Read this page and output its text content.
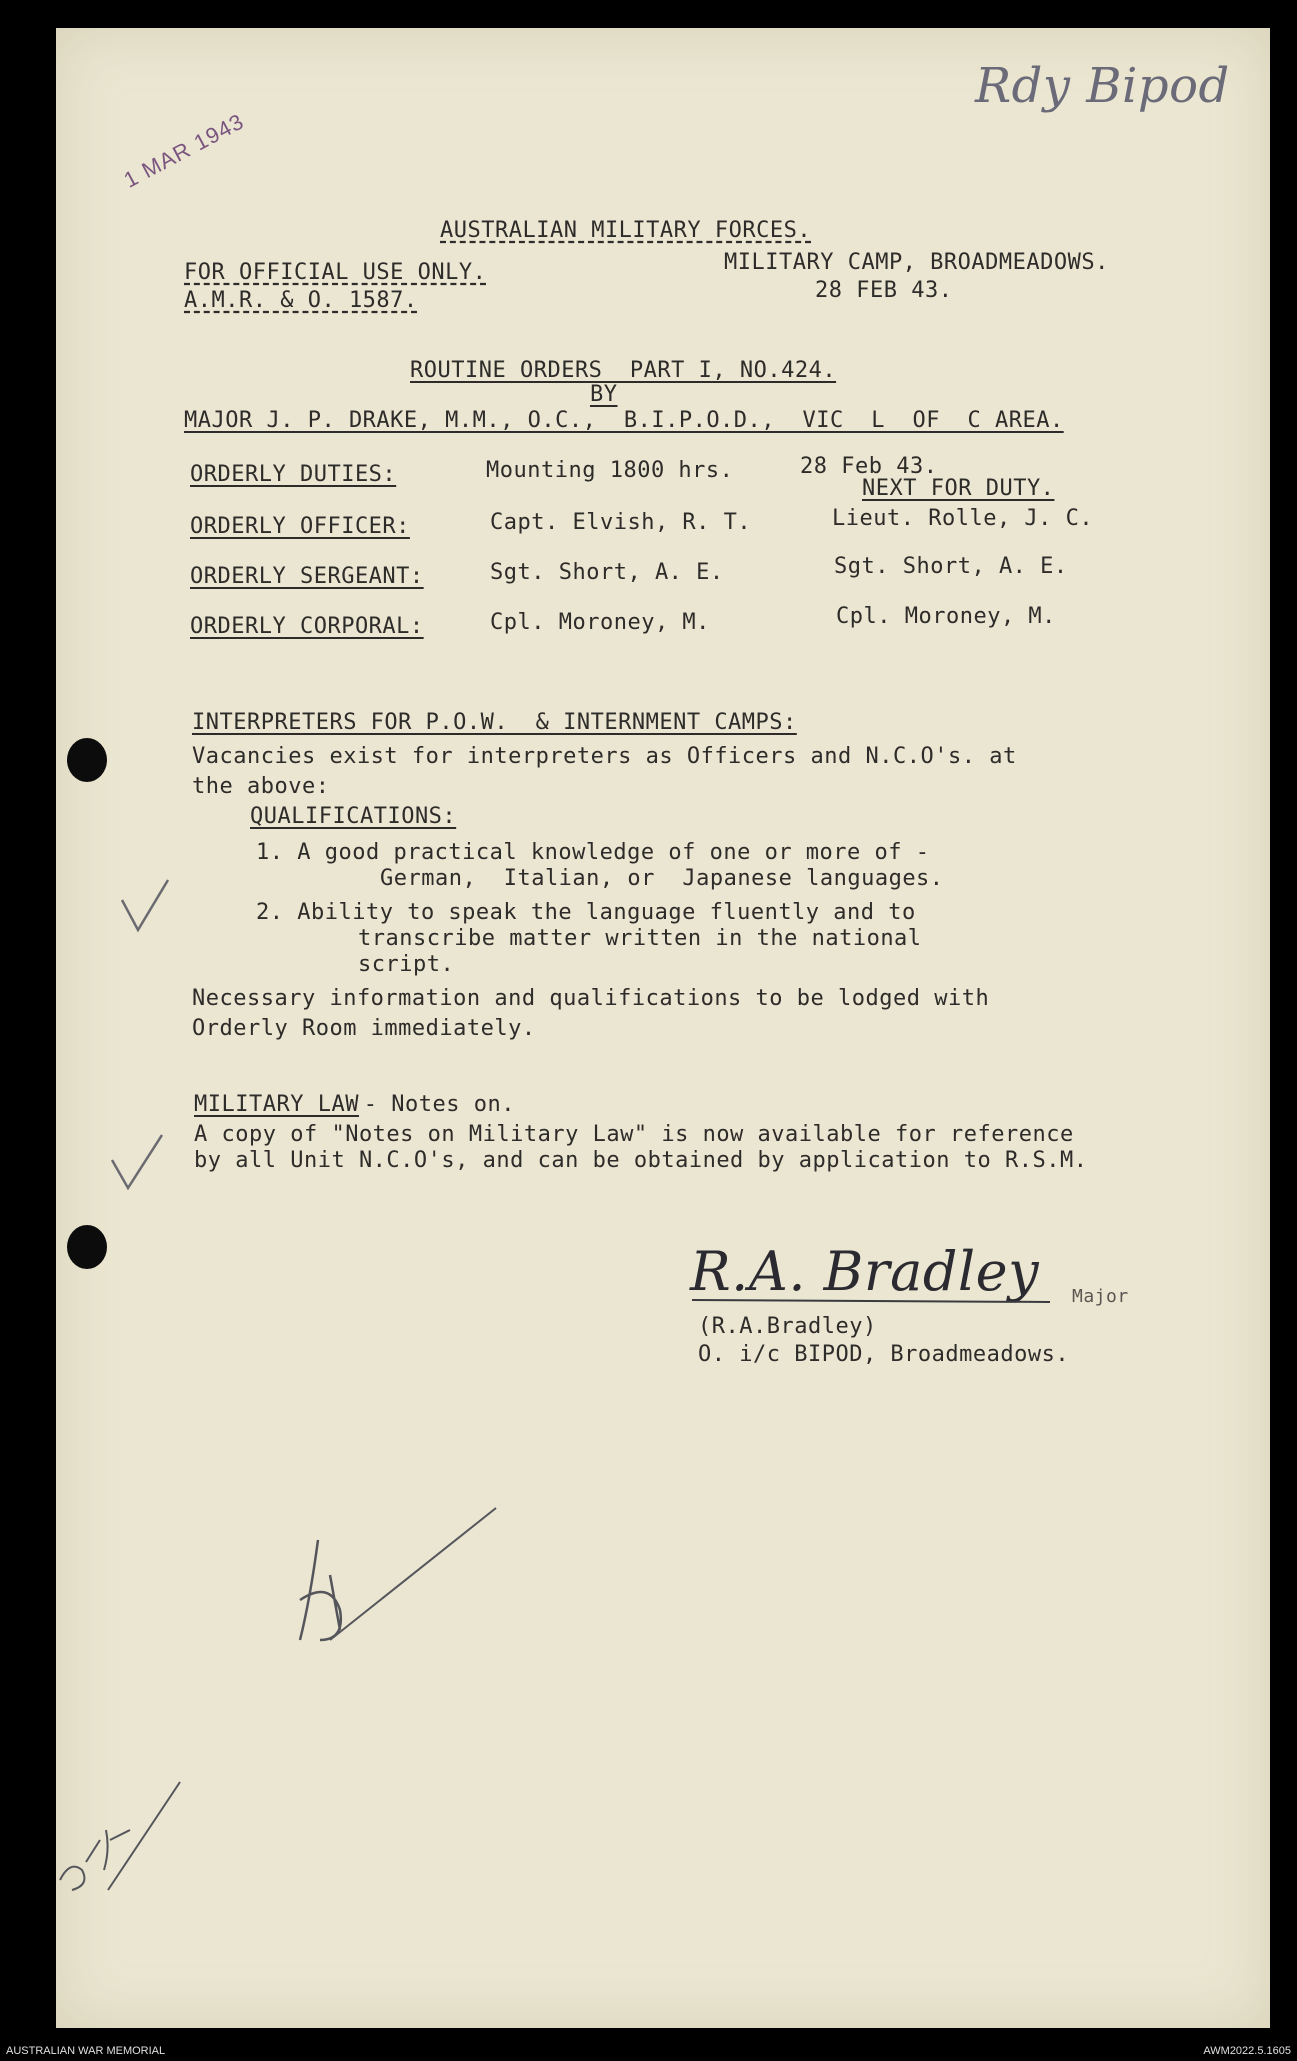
Rdy Bipod
1 MAR 1943
AUSTRALIAN MILITARY FORCES.
FOR OFFICIAL USE ONLY.
A.M.R. & O. 1587.
MILITARY CAMP, BROADMEADOWS.
28 FEB 43.
ROUTINE ORDERS  PART I, NO.424.
BY
MAJOR J. P. DRAKE, M.M., O.C.,  B.I.P.O.D.,  VIC  L  OF  C AREA.
ORDERLY DUTIES:	Mounting 1800 hrs.	28 Feb 43.
NEXT FOR DUTY.
ORDERLY OFFICER:	Capt. Elvish, R. T.	Lieut. Rolle, J. C.
ORDERLY SERGEANT:	Sgt. Short, A. E.	Sgt. Short, A. E.
ORDERLY CORPORAL:	Cpl. Moroney, M.	Cpl. Moroney, M.
INTERPRETERS FOR P.O.W.  & INTERNMENT CAMPS:
Vacancies exist for interpreters as Officers and N.C.O's. at
the above:
QUALIFICATIONS:
1. A good practical knowledge of one or more of -
German,  Italian, or  Japanese languages.
2. Ability to speak the language fluently and to
transcribe matter written in the national
script.
Necessary information and qualifications to be lodged with
Orderly Room immediately.
MILITARY LAW
- Notes on.
A copy of "Notes on Military Law" is now available for reference
by all Unit N.C.O's, and can be obtained by application to R.S.M.
R.A. Bradley Major
(R.A.Bradley)
O. i/c BIPOD, Broadmeadows.
AUSTRALIAN WAR MEMORIAL	AWM2022.5.1605
